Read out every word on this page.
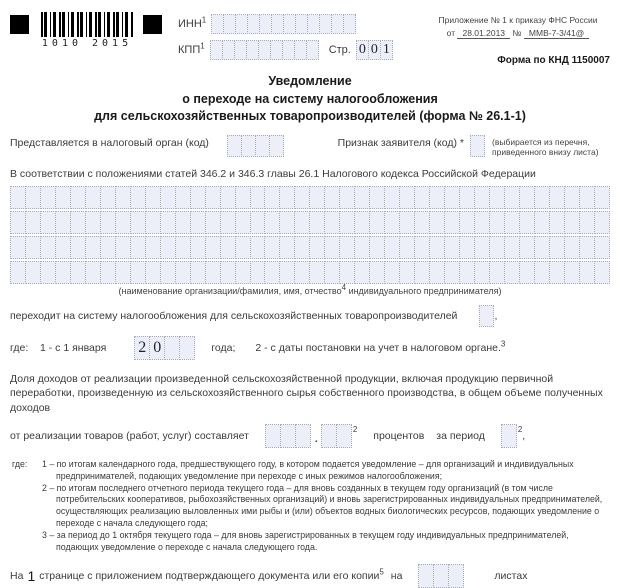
1010 2015
ИНН$^1$
КПП$^1$	Стр. 0 0 1
Приложение № 1 к приказу ФНС России
от 28.01.2013 № ММВ-7-3/41@
Форма по КНД 1150007
Уведомление
о переходе на систему налогообложения
для сельскохозяйственных товаропроизводителей (форма № 26.1-1)
Представляется в налоговый орган (код)	Признак заявителя (код) *	(выбирается из перечня,
приведенного внизу листа)
В соответствии с положениями статей 346.2 и 346.3 главы 26.1 Налогового кодекса Российской Федерации
(наименование организации/фамилия, имя, отчество$^4$ индивидуального предпринимателя)
переходит на систему налогообложения для сельскохозяйственных товаропроизводителей	,
где:	1 - с 1 января 2 0	года; 2 - с даты постановки на учет в налоговом органе.$^3$
Доля доходов от реализации произведенной сельскохозяйственной продукции, включая продукцию первичной переработки, произведенную из сельскохозяйственного сырья собственного производства, в общем объеме полученных доходов
от реализации товаров (работ, услуг) составляет	.
2 процентов за период	2 ,
где:	1 – по итогам календарного года, предшествующего году, в котором подается уведомление – для организаций и индивидуальных предпринимателей, подающих уведомление при переходе с иных режимов налогообложения;
2 – по итогам последнего отчетного периода текущего года – для вновь созданных в текущем году организаций (в том числе потребительских кооперативов, рыбохозяйственных организаций) и вновь зарегистрированных индивидуальных предпринимателей, осуществляющих реализацию выловленных ими рыбы и (или) объектов водных биологических ресурсов, подающих уведомление о переходе с начала следующего года;
3 – за период до 1 октября текущего года – для вновь зарегистрированных в текущем году индивидуальных предпринимателей, подающих уведомление о переходе с начала следующего года.
На 1 странице с приложением подтверждающего документа или его копии$^5$ на	листах
